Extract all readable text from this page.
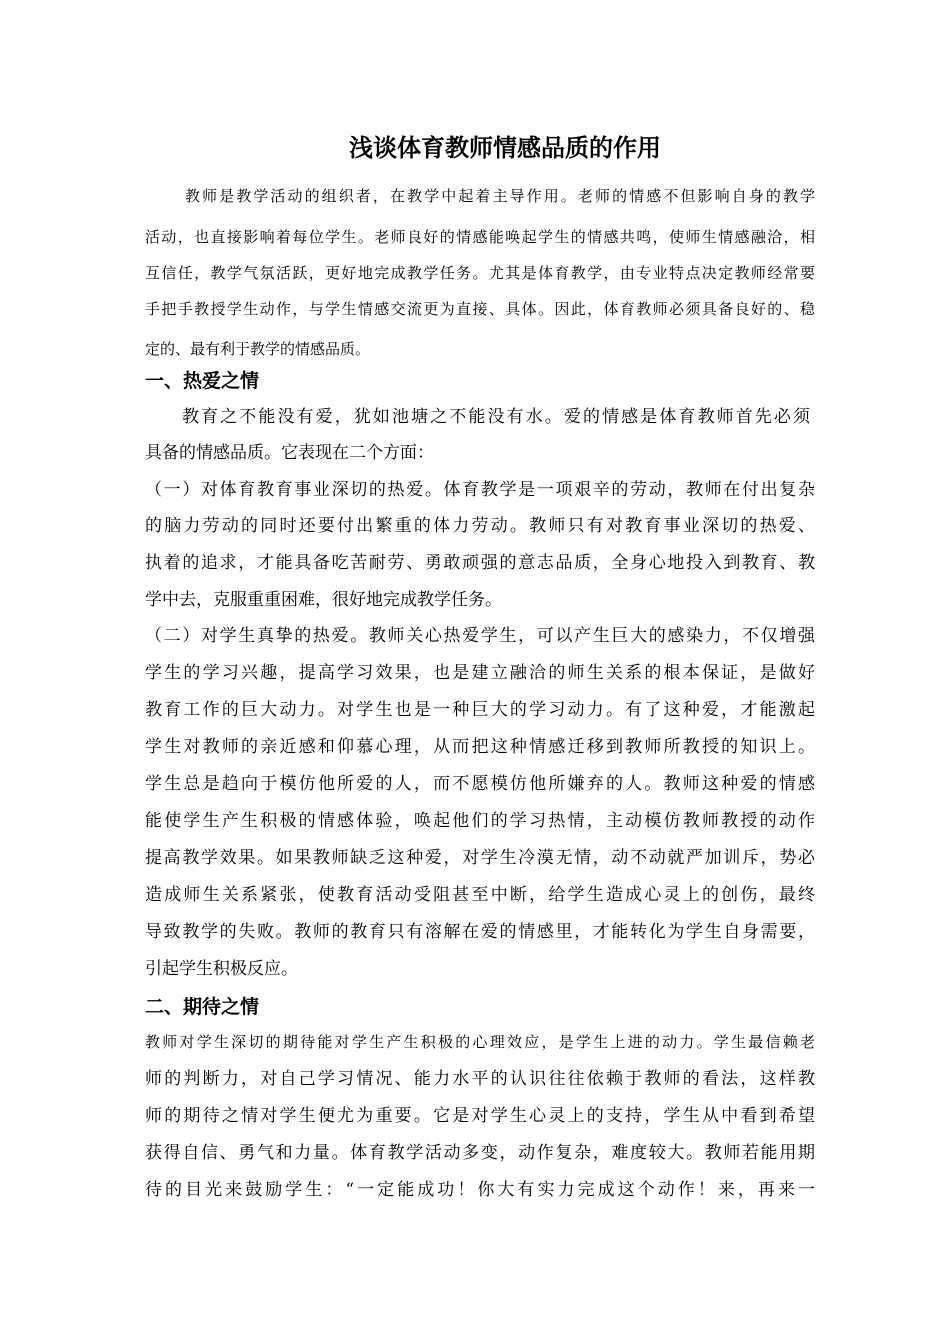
浅谈体育教师情感品质的作用
教师是教学活动的组织者，在教学中起着主导作用。老师的情感不但影响自身的教学
活动，也直接影响着每位学生。老师良好的情感能唤起学生的情感共鸣，使师生情感融洽，相
互信任，教学气氛活跃，更好地完成教学任务。尤其是体育教学，由专业特点决定教师经常要
手把手教授学生动作，与学生情感交流更为直接、具体。因此，体育教师必须具备良好的、稳
定的、最有利于教学的情感品质。
一、热爱之情
教育之不能没有爱，犹如池塘之不能没有水。爱的情感是体育教师首先必须
具备的情感品质。它表现在二个方面：
（一）对体育教育事业深切的热爱。体育教学是一项艰辛的劳动，教师在付出复杂
的脑力劳动的同时还要付出繁重的体力劳动。教师只有对教育事业深切的热爱、
执着的追求，才能具备吃苦耐劳、勇敢顽强的意志品质，全身心地投入到教育、教
学中去，克服重重困难，很好地完成教学任务。
（二）对学生真挚的热爱。教师关心热爱学生，可以产生巨大的感染力，不仅增强
学生的学习兴趣，提高学习效果，也是建立融洽的师生关系的根本保证，是做好
教育工作的巨大动力。对学生也是一种巨大的学习动力。有了这种爱，才能激起
学生对教师的亲近感和仰慕心理，从而把这种情感迁移到教师所教授的知识上。
学生总是趋向于模仿他所爱的人，而不愿模仿他所嫌弃的人。教师这种爱的情感
能使学生产生积极的情感体验，唤起他们的学习热情，主动模仿教师教授的动作
提高教学效果。如果教师缺乏这种爱，对学生冷漠无情，动不动就严加训斥，势必
造成师生关系紧张，使教育活动受阻甚至中断，给学生造成心灵上的创伤，最终
导致教学的失败。教师的教育只有溶解在爱的情感里，才能转化为学生自身需要，
引起学生积极反应。
二、期待之情
教师对学生深切的期待能对学生产生积极的心理效应，是学生上进的动力。学生最信赖老
师的判断力，对自己学习情况、能力水平的认识往往依赖于教师的看法，这样教
师的期待之情对学生便尤为重要。它是对学生心灵上的支持，学生从中看到希望
获得自信、勇气和力量。体育教学活动多变，动作复杂，难度较大。教师若能用期
待的目光来鼓励学生：“一定能成功！你大有实力完成这个动作！来，再来一
